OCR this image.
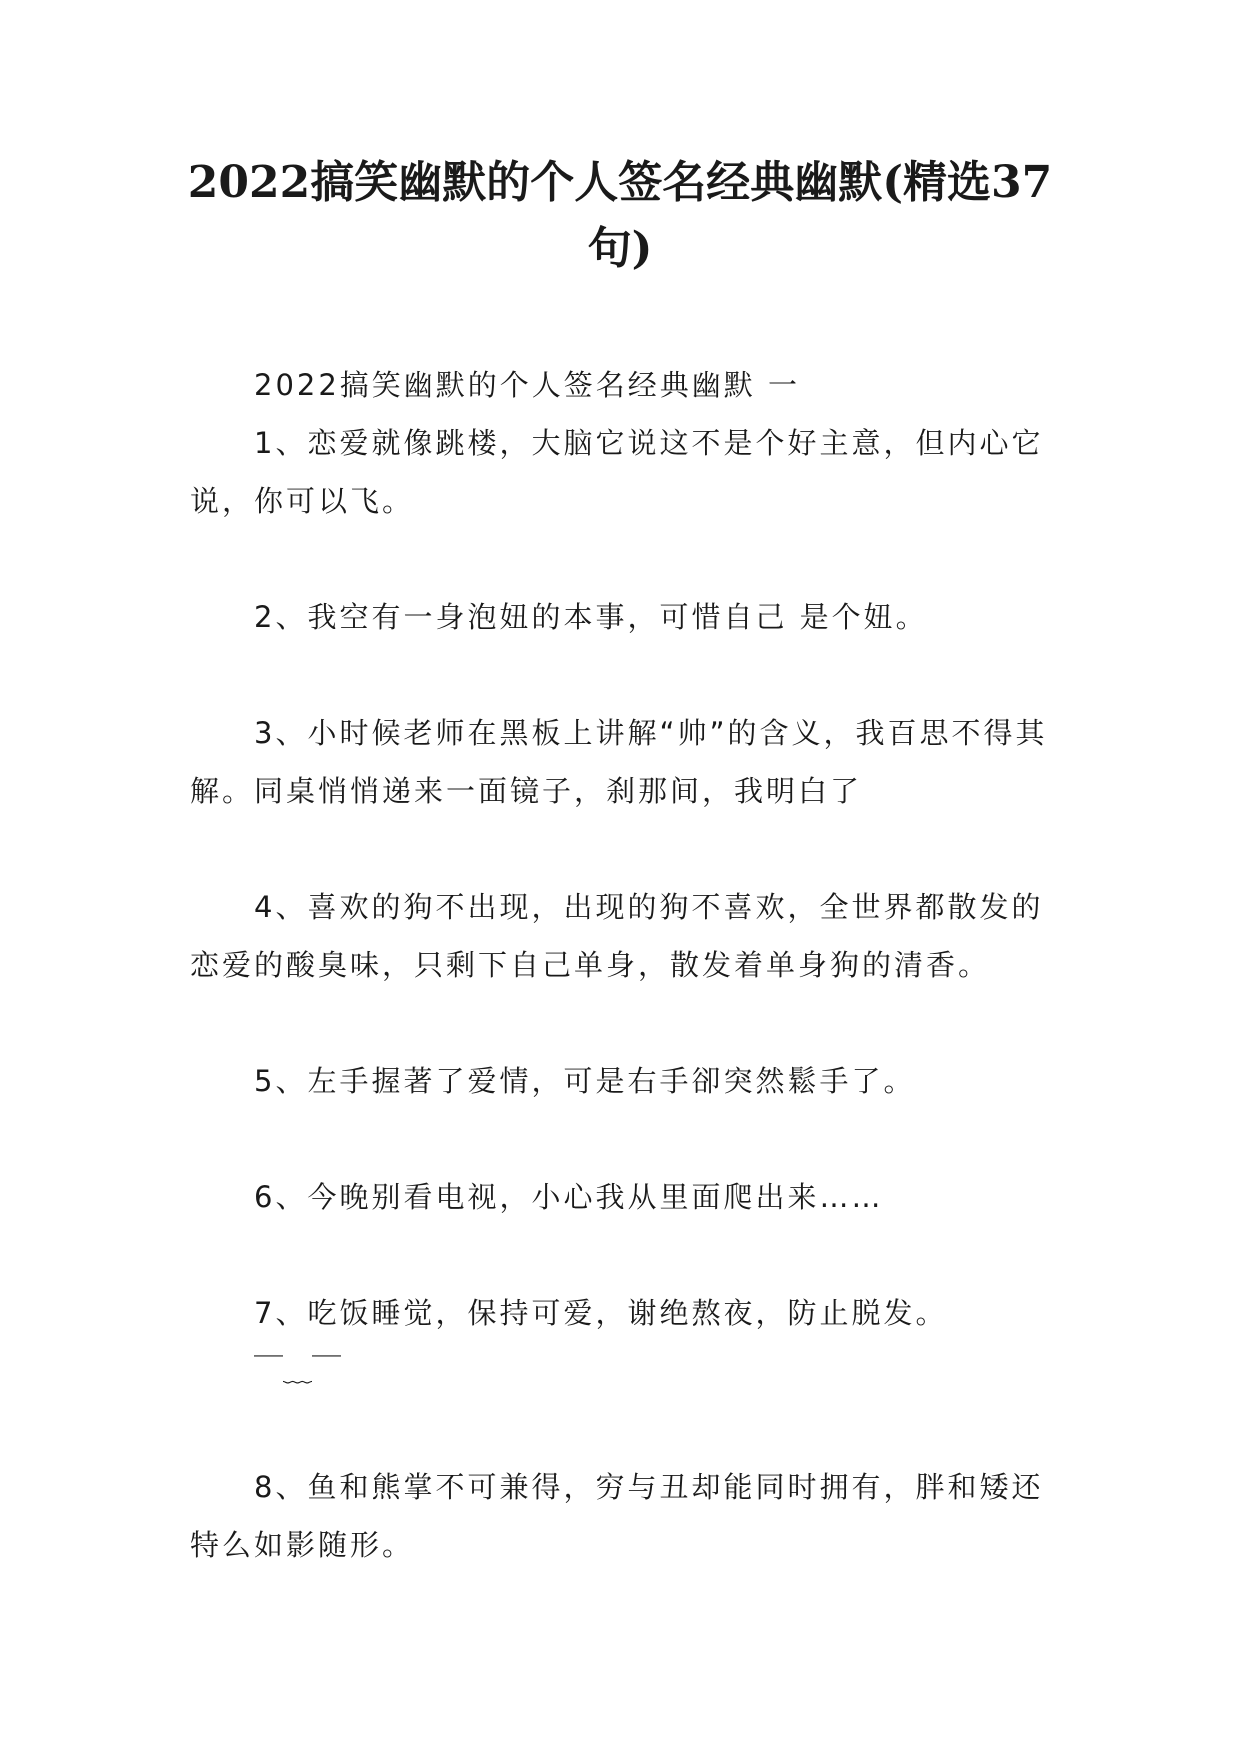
2022搞笑幽默的个人签名经典幽默(精选37句)

2022搞笑幽默的个人签名经典幽默 一

1、恋爱就像跳楼，大脑它说这不是个好主意，但内心它说，你可以飞。

2、我空有一身泡妞的本事，可惜自己 是个妞。

3、小时候老师在黑板上讲解“帅”的含义，我百思不得其解。同桌悄悄递来一面镜子，刹那间，我明白了

4、喜欢的狗不出现，出现的狗不喜欢，全世界都散发的恋爱的酸臭味，只剩下自己单身，散发着单身狗的清香。

5、左手握著了爱情，可是右手卻突然鬆手了。

6、今晚别看电视，小心我从里面爬出来……

7、吃饭睡觉，保持可爱，谢绝熬夜，防止脱发。￣﹏￣

8、鱼和熊掌不可兼得，穷与丑却能同时拥有，胖和矮还特么如影随形。
